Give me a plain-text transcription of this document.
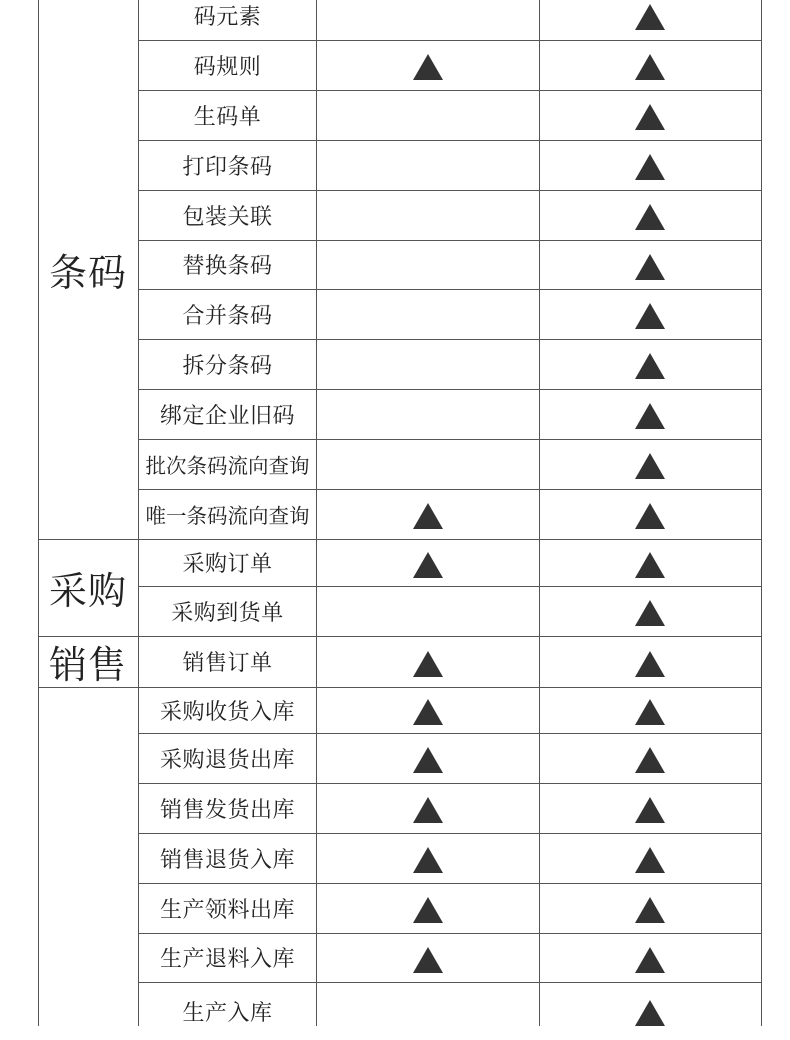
条码
采购
销售
码元素
码规则
生码单
打印条码
包装关联
替换条码
合并条码
拆分条码
绑定企业旧码
批次条码流向查询
唯一条码流向查询
采购订单
采购到货单
销售订单
采购收货入库
采购退货出库
销售发货出库
销售退货入库
生产领料出库
生产退料入库
生产入库
